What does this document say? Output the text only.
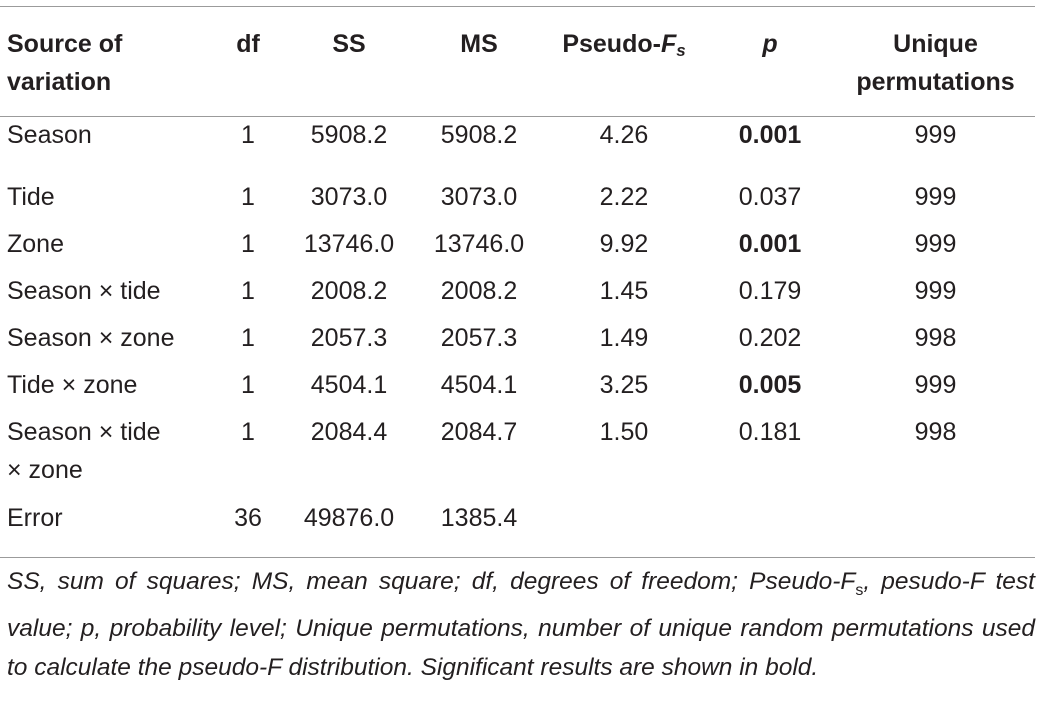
Source of
variation	df	SS	MS	Pseudo-Fs	p	Unique
permutations
Season	1	5908.2	5908.2	4.26	0.001	999
Tide	1	3073.0	3073.0	2.22	0.037	999
Zone	1	13746.0	13746.0	9.92	0.001	999
Season × tide	1	2008.2	2008.2	1.45	0.179	999
Season × zone	1	2057.3	2057.3	1.49	0.202	998
Tide × zone	1	4504.1	4504.1	3.25	0.005	999
Season × tide
× zone	1	2084.4	2084.7	1.50	0.181	998
Error	36	49876.0	1385.4			

SS, sum of squares; MS, mean square; df, degrees of freedom; Pseudo-$F_s$, pesudo-F test value; p, probability level; Unique permutations, number of unique random permutations used to calculate the pseudo-F distribution. Significant results are shown in bold.
